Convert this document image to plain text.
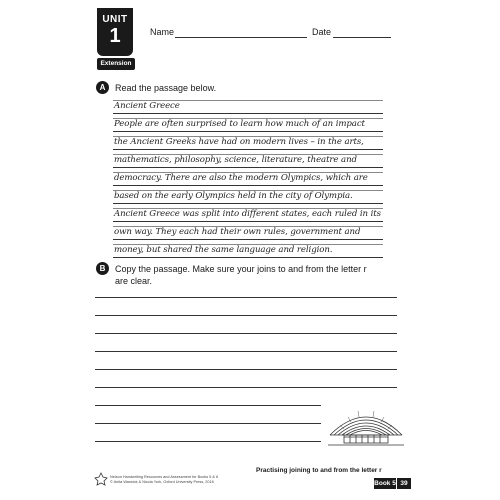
UNIT
1	Name	Date
Extension
A	Read the passage below.
Ancient Greece
People are often surprised to learn how much of an impact
the Ancient Greeks have had on modern lives – in the arts,
mathematics, philosophy, science, literature, theatre and
democracy. There are also the modern Olympics, which are
based on the early Olympics held in the city of Olympia.
Ancient Greece was split into different states, each ruled in its
own way. They each had their own rules, government and
money, but shared the same language and religion.
B	Copy the passage. Make sure your joins to and from the letter r
are clear.
Practising joining to and from the letter r
Nelson Handwriting Resources and Assessment for Books 5 & 6
© Anita Warwick & Nicola York, Oxford University Press, 2016	Book 5 39
